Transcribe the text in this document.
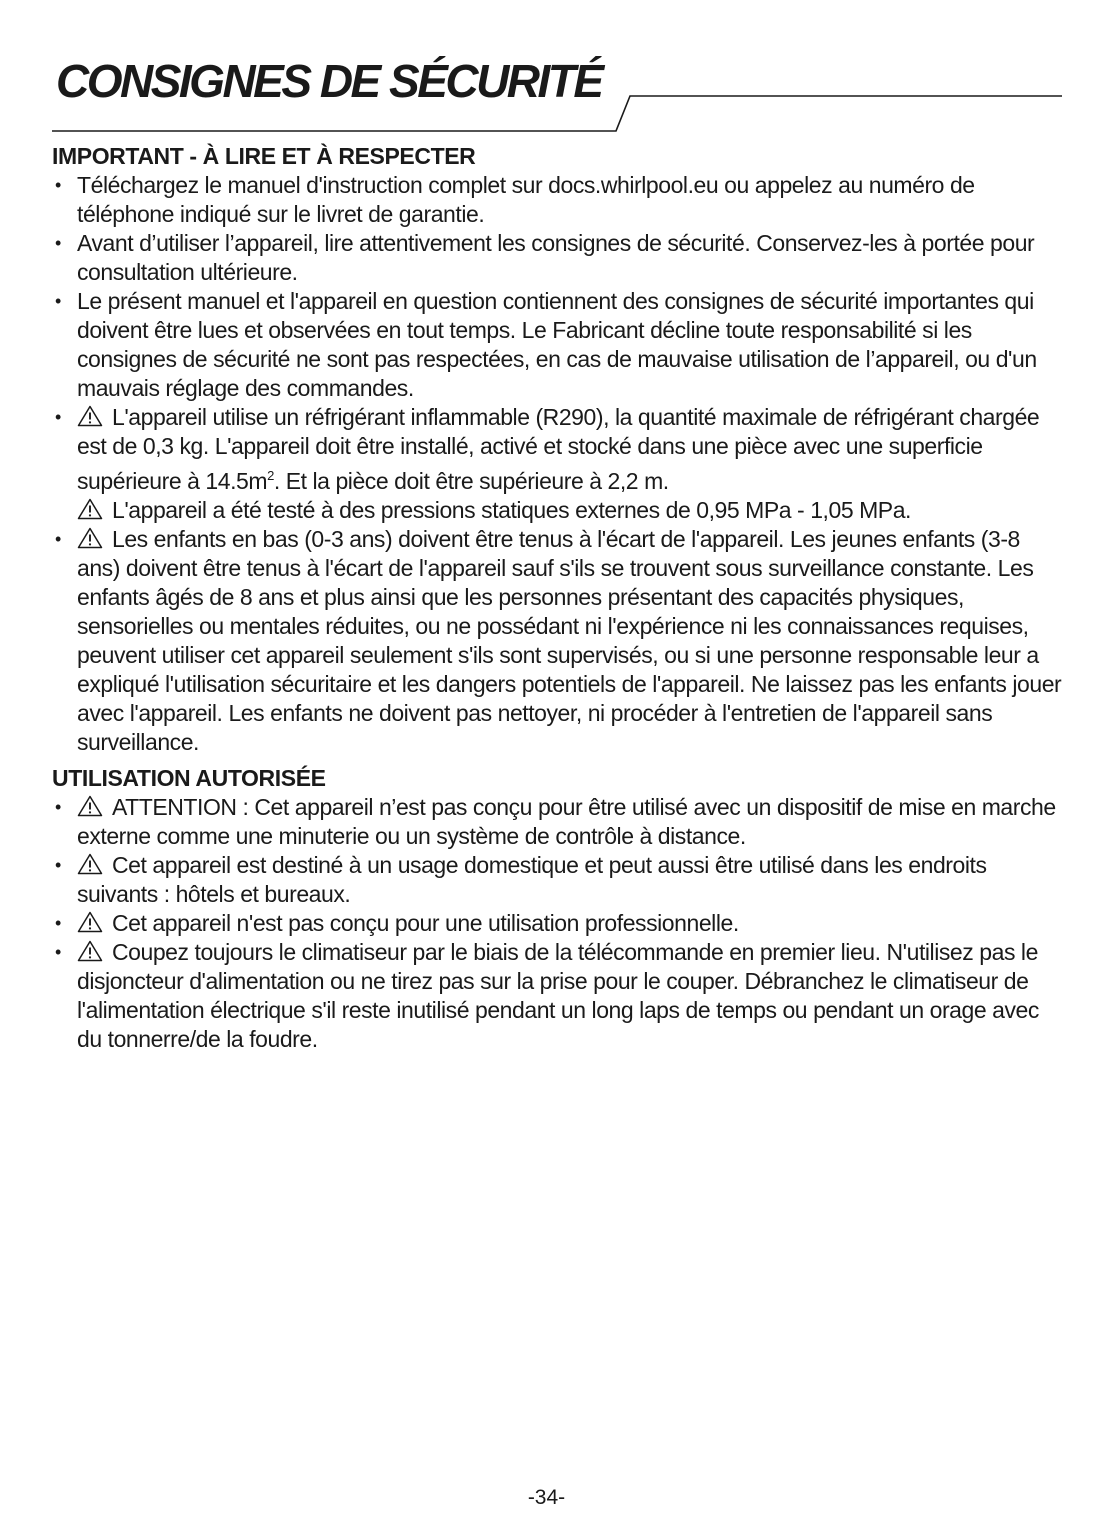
CONSIGNES DE SÉCURITÉ
IMPORTANT - À LIRE ET À RESPECTER
• Téléchargez le manuel d'instruction complet sur docs.whirlpool.eu ou appelez au numéro de téléphone indiqué sur le livret de garantie.
• Avant d’utiliser l’appareil, lire attentivement les consignes de sécurité. Conservez-les à portée pour consultation ultérieure.
• Le présent manuel et l'appareil en question contiennent des consignes de sécurité importantes qui doivent être lues et observées en tout temps. Le Fabricant décline toute responsabilité si les consignes de sécurité ne sont pas respectées, en cas de mauvaise utilisation de l’appareil, ou d'un mauvais réglage des commandes.
• L'appareil utilise un réfrigérant inflammable (R290), la quantité maximale de réfrigérant chargée est de 0,3 kg. L'appareil doit être installé, activé et stocké dans une pièce avec une superficie supérieure à $14.5m^2$. Et la pièce doit être supérieure à 2,2 m.

L'appareil a été testé à des pressions statiques externes de 0,95 MPa - 1,05 MPa.
• Les enfants en bas (0-3 ans) doivent être tenus à l'écart de l'appareil. Les jeunes enfants (3-8 ans) doivent être tenus à l'écart de l'appareil sauf s'ils se trouvent sous surveillance constante. Les enfants âgés de 8 ans et plus ainsi que les personnes présentant des capacités physiques, sensorielles ou mentales réduites, ou ne possédant ni l'expérience ni les connaissances requises, peuvent utiliser cet appareil seulement s'ils sont supervisés, ou si une personne responsable leur a expliqué l'utilisation sécuritaire et les dangers potentiels de l'appareil. Ne laissez pas les enfants jouer avec l'appareil. Les enfants ne doivent pas nettoyer, ni procéder à l'entretien de l'appareil sans surveillance.
UTILISATION AUTORISÉE
• ATTENTION : Cet appareil n’est pas conçu pour être utilisé avec un dispositif de mise en marche externe comme une minuterie ou un système de contrôle à distance.
• Cet appareil est destiné à un usage domestique et peut aussi être utilisé dans les endroits suivants : hôtels et bureaux.
• Cet appareil n'est pas conçu pour une utilisation professionnelle.
• Coupez toujours le climatiseur par le biais de la télécommande en premier lieu. N'utilisez pas le disjoncteur d'alimentation ou ne tirez pas sur la prise pour le couper. Débranchez le climatiseur de l'alimentation électrique s'il reste inutilisé pendant un long laps de temps ou pendant un orage avec du tonnerre/de la foudre.
-34-
